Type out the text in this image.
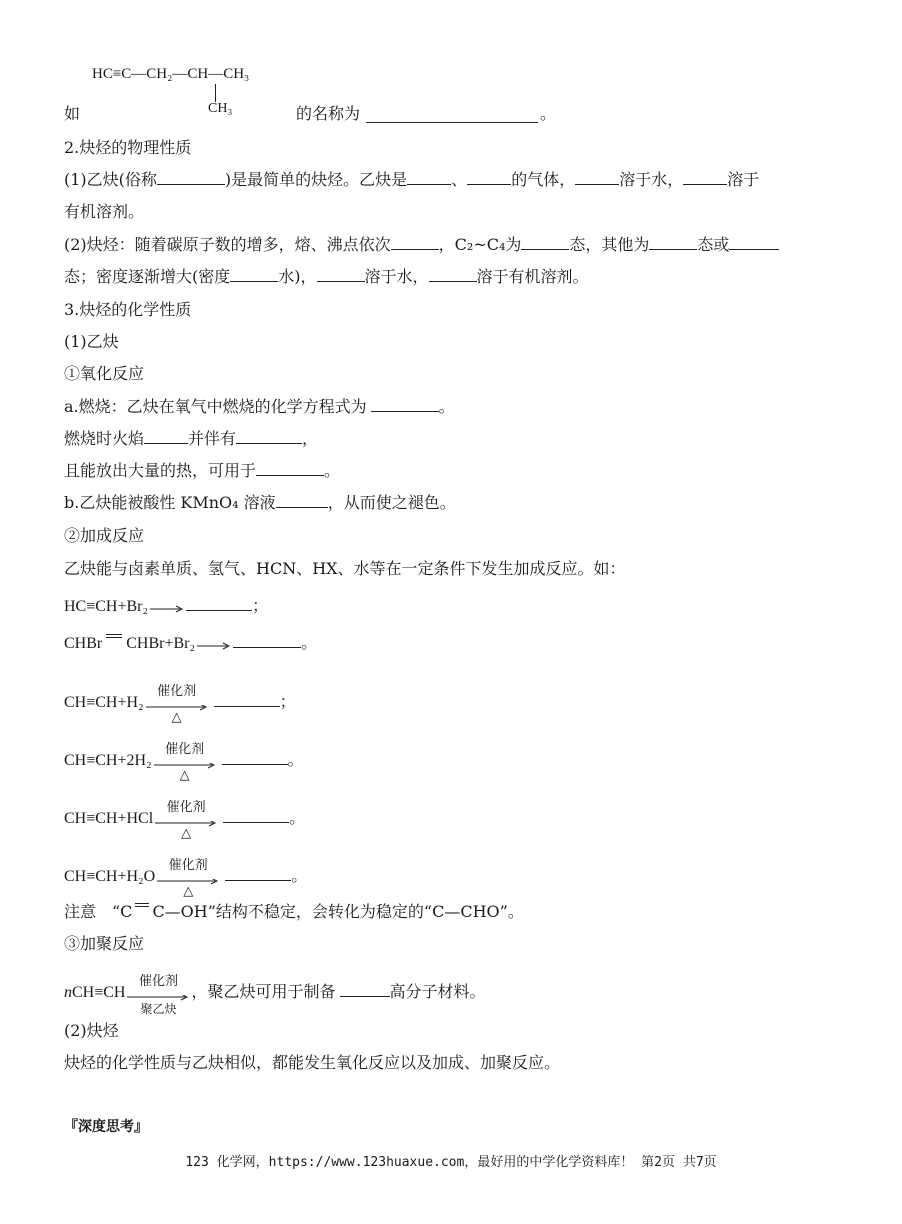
HC≡C—CH₂—CH—CH₃
CH₃
如	的名称为	。
2.炔烃的物理性质
(1)乙炔(俗称	)是最简单的炔烃。乙炔是	、	的气体，	溶于水，	溶于
有机溶剂。
(2)炔烃：随着碳原子数的增多，熔、沸点依次	，C₂~C₄为	态，其他为	态或
态；密度逐渐增大(密度	水)，	溶于水，	溶于有机溶剂。
3.炔烃的化学性质
(1)乙炔
①氧化反应
a.燃烧：乙炔在氧气中燃烧的化学方程式为	。
燃烧时火焰	并伴有	，
且能放出大量的热，可用于	。
b.乙炔能被酸性 KMnO₄ 溶液	，从而使之褪色。
②加成反应
乙炔能与卤素单质、氢气、HCN、HX、水等在一定条件下发生加成反应。如：
HC≡CH+Br₂	；
CHBr CHBr+Br₂	。
CH≡CH+H₂
催化剂
△
；
CH≡CH+2H₂
催化剂
△
。
CH≡CH+HCl
催化剂
△
。
CH≡CH+H₂O
催化剂
△
。
注意　“C C—OH”结构不稳定，会转化为稳定的“C—CHO”。
③加聚反应
nCH≡CH
催化剂
聚乙炔
，聚乙炔可用于制备	高分子材料。
(2)炔烃
炔烃的化学性质与乙炔相似，都能发生氧化反应以及加成、加聚反应。
『深度思考』
123 化学网，https://www.123huaxue.com，最好用的中学化学资料库！ 第2页 共7页
